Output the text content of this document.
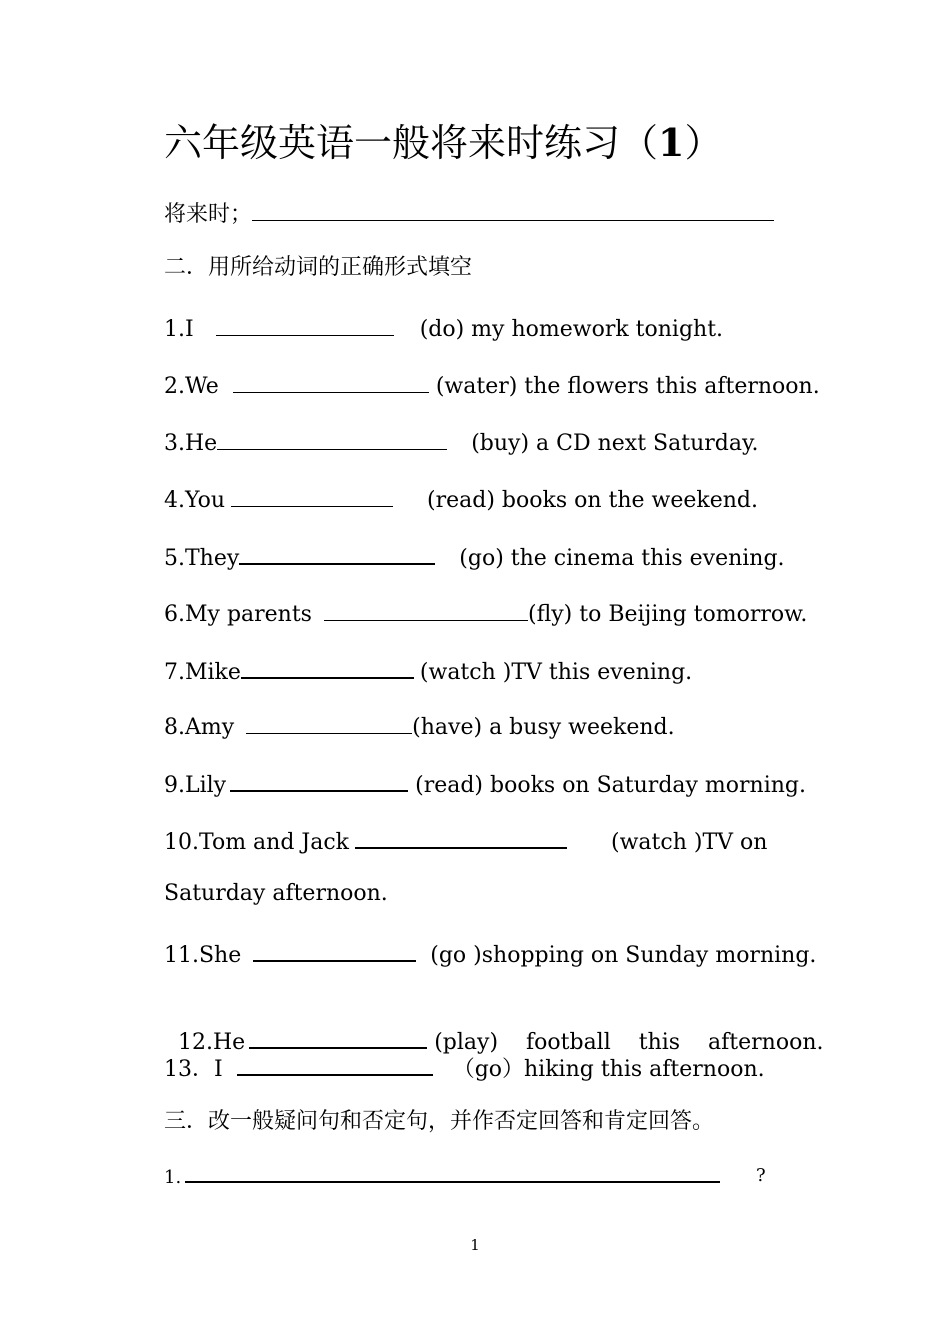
六年级英语一般将来时练习（1）
将来时；
二．用所给动词的正确形式填空
1.I	(do) my homework tonight.
2.We	(water) the flowers this afternoon.
3.He	(buy) a CD next Saturday.
4.You	(read) books on the weekend.
5.They	(go) the cinema this evening.
6.My parents	(fly) to Beijing tomorrow.
7.Mike	(watch )TV this evening.
8.Amy	(have) a busy weekend.
9.Lily	(read) books on Saturday morning.
10.Tom and Jack	(watch )TV on
Saturday afternoon.
11.She	(go )shopping on Sunday morning.

12.He	(play)    football    this    afternoon.

13．I	（go）hiking this afternoon.
三．改一般疑问句和否定句，并作否定回答和肯定回答。
1.	?
1
